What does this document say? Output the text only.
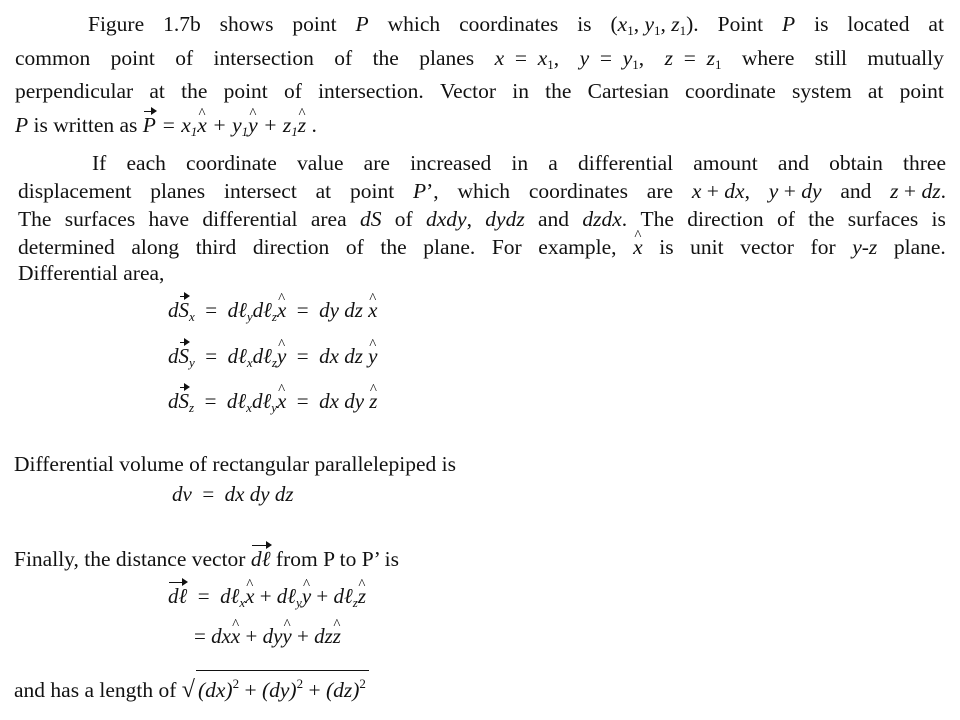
Figure 1.7b shows point P which coordinates is ($x_1$, $y_1$, $z_1$). Point P is located at
common point of intersection of the planes $x = x_1$, $y = y_1$, $z = z_1$ where still mutually
perpendicular at the point of intersection. Vector in the Cartesian coordinate system at point
P is written as $P = x_1x$ ^ + $y_1y$ ^ + $z_1z$ ^ .
If each coordinate value are increased in a differential amount and obtain three
displacement planes intersect at point P’, which coordinates are x + dx, y + dy and z + dz.
The surfaces have differential area dS of dxdy, dydz and dzdx. The direction of the surfaces is
determined along third direction of the plane. For example, x ^ is unit vector for y-z plane.
Differential area,
$dS_x$ =  dℓ$_y$dℓ$_z$x ^ =  dy dz x ^
$dS_y$ =  dℓ$_x$dℓ$_z$y ^ =  dx dz y ^
$dS_z$ =  dℓ$_x$dℓ$_y$x ^ =  dx dy z ^
Differential volume of rectangular parallelepiped is
dv  =  dx dy dz
Finally, the distance vector dℓ from P to P’ is
dℓ =  dℓ$_x$x ^ + dℓ$_y$y ^ + dℓ$_z$z ^
= dxx ^ + dyy ^ + dzz ^
and has a length of √ (dx)$^2$ + (dy)$^2$ + (dz)$^2$
